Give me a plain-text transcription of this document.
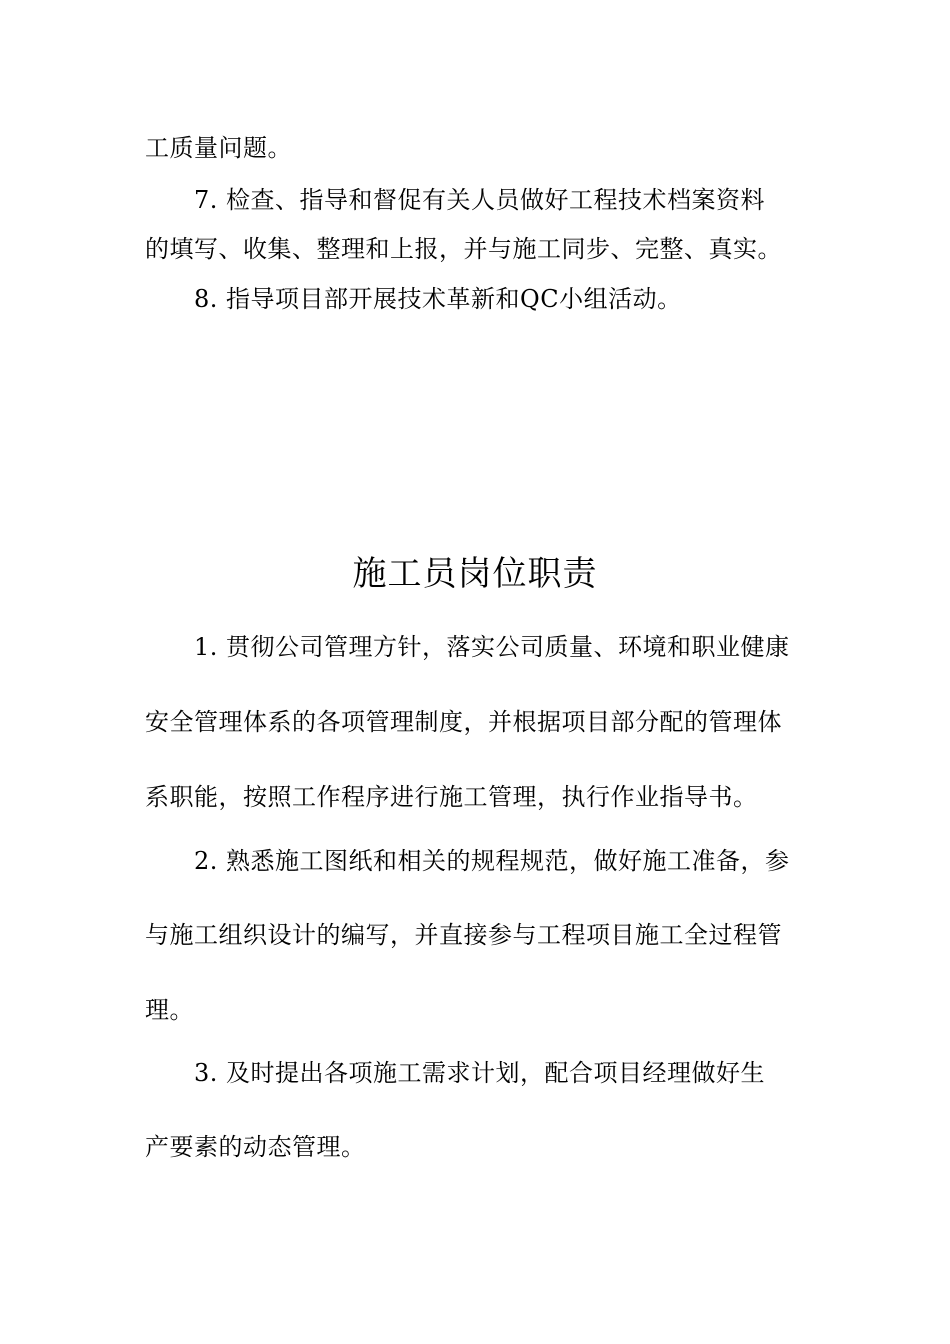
工质量问题。

7. 检查、指导和督促有关人员做好工程技术档案资料

的填写、收集、整理和上报，并与施工同步、完整、真实。

8. 指导项目部开展技术革新和QC小组活动。

施工员岗位职责

1. 贯彻公司管理方针，落实公司质量、环境和职业健康

安全管理体系的各项管理制度，并根据项目部分配的管理体

系职能，按照工作程序进行施工管理，执行作业指导书。

2. 熟悉施工图纸和相关的规程规范，做好施工准备，参

与施工组织设计的编写，并直接参与工程项目施工全过程管

理。

3. 及时提出各项施工需求计划，配合项目经理做好生

产要素的动态管理。
